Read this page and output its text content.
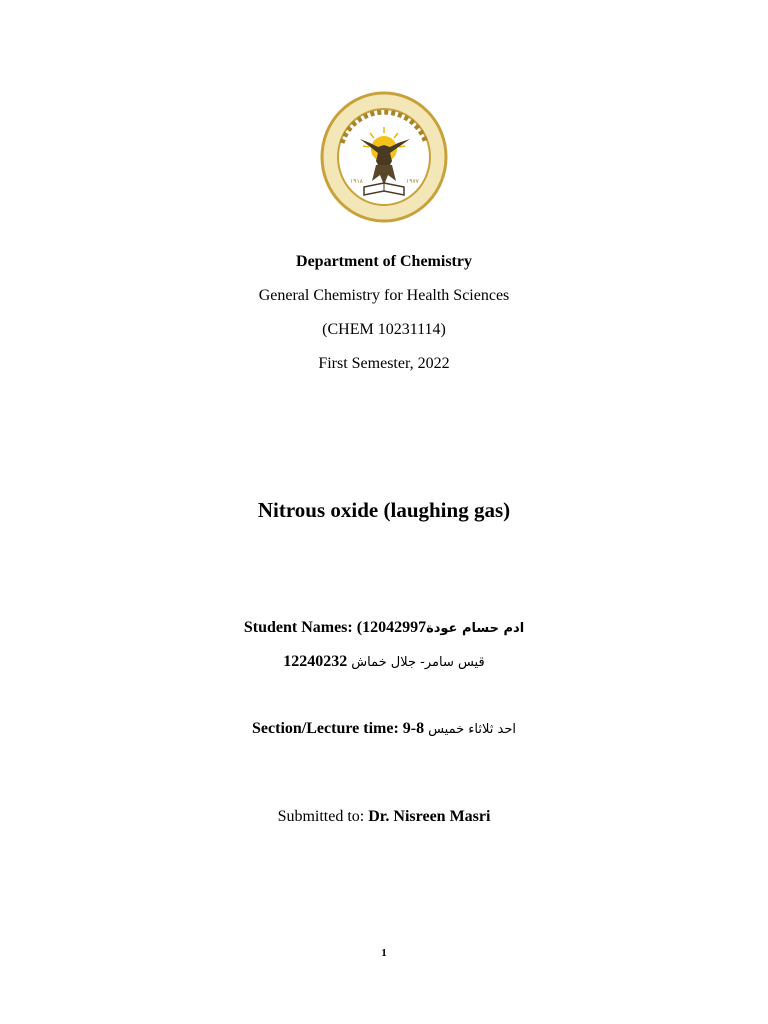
١٩١٨	١٩٧٧
Department of Chemistry
General Chemistry for Health Sciences
(CHEM 10231114)
First Semester, 2022
Nitrous oxide (laughing gas)
Student Names: (12042997ادم حسام عودة
12240232 قيس سامر- جلال خماش
Section/Lecture time: 9-8 احد ثلاثاء خميس
Submitted to: Dr. Nisreen Masri
1
